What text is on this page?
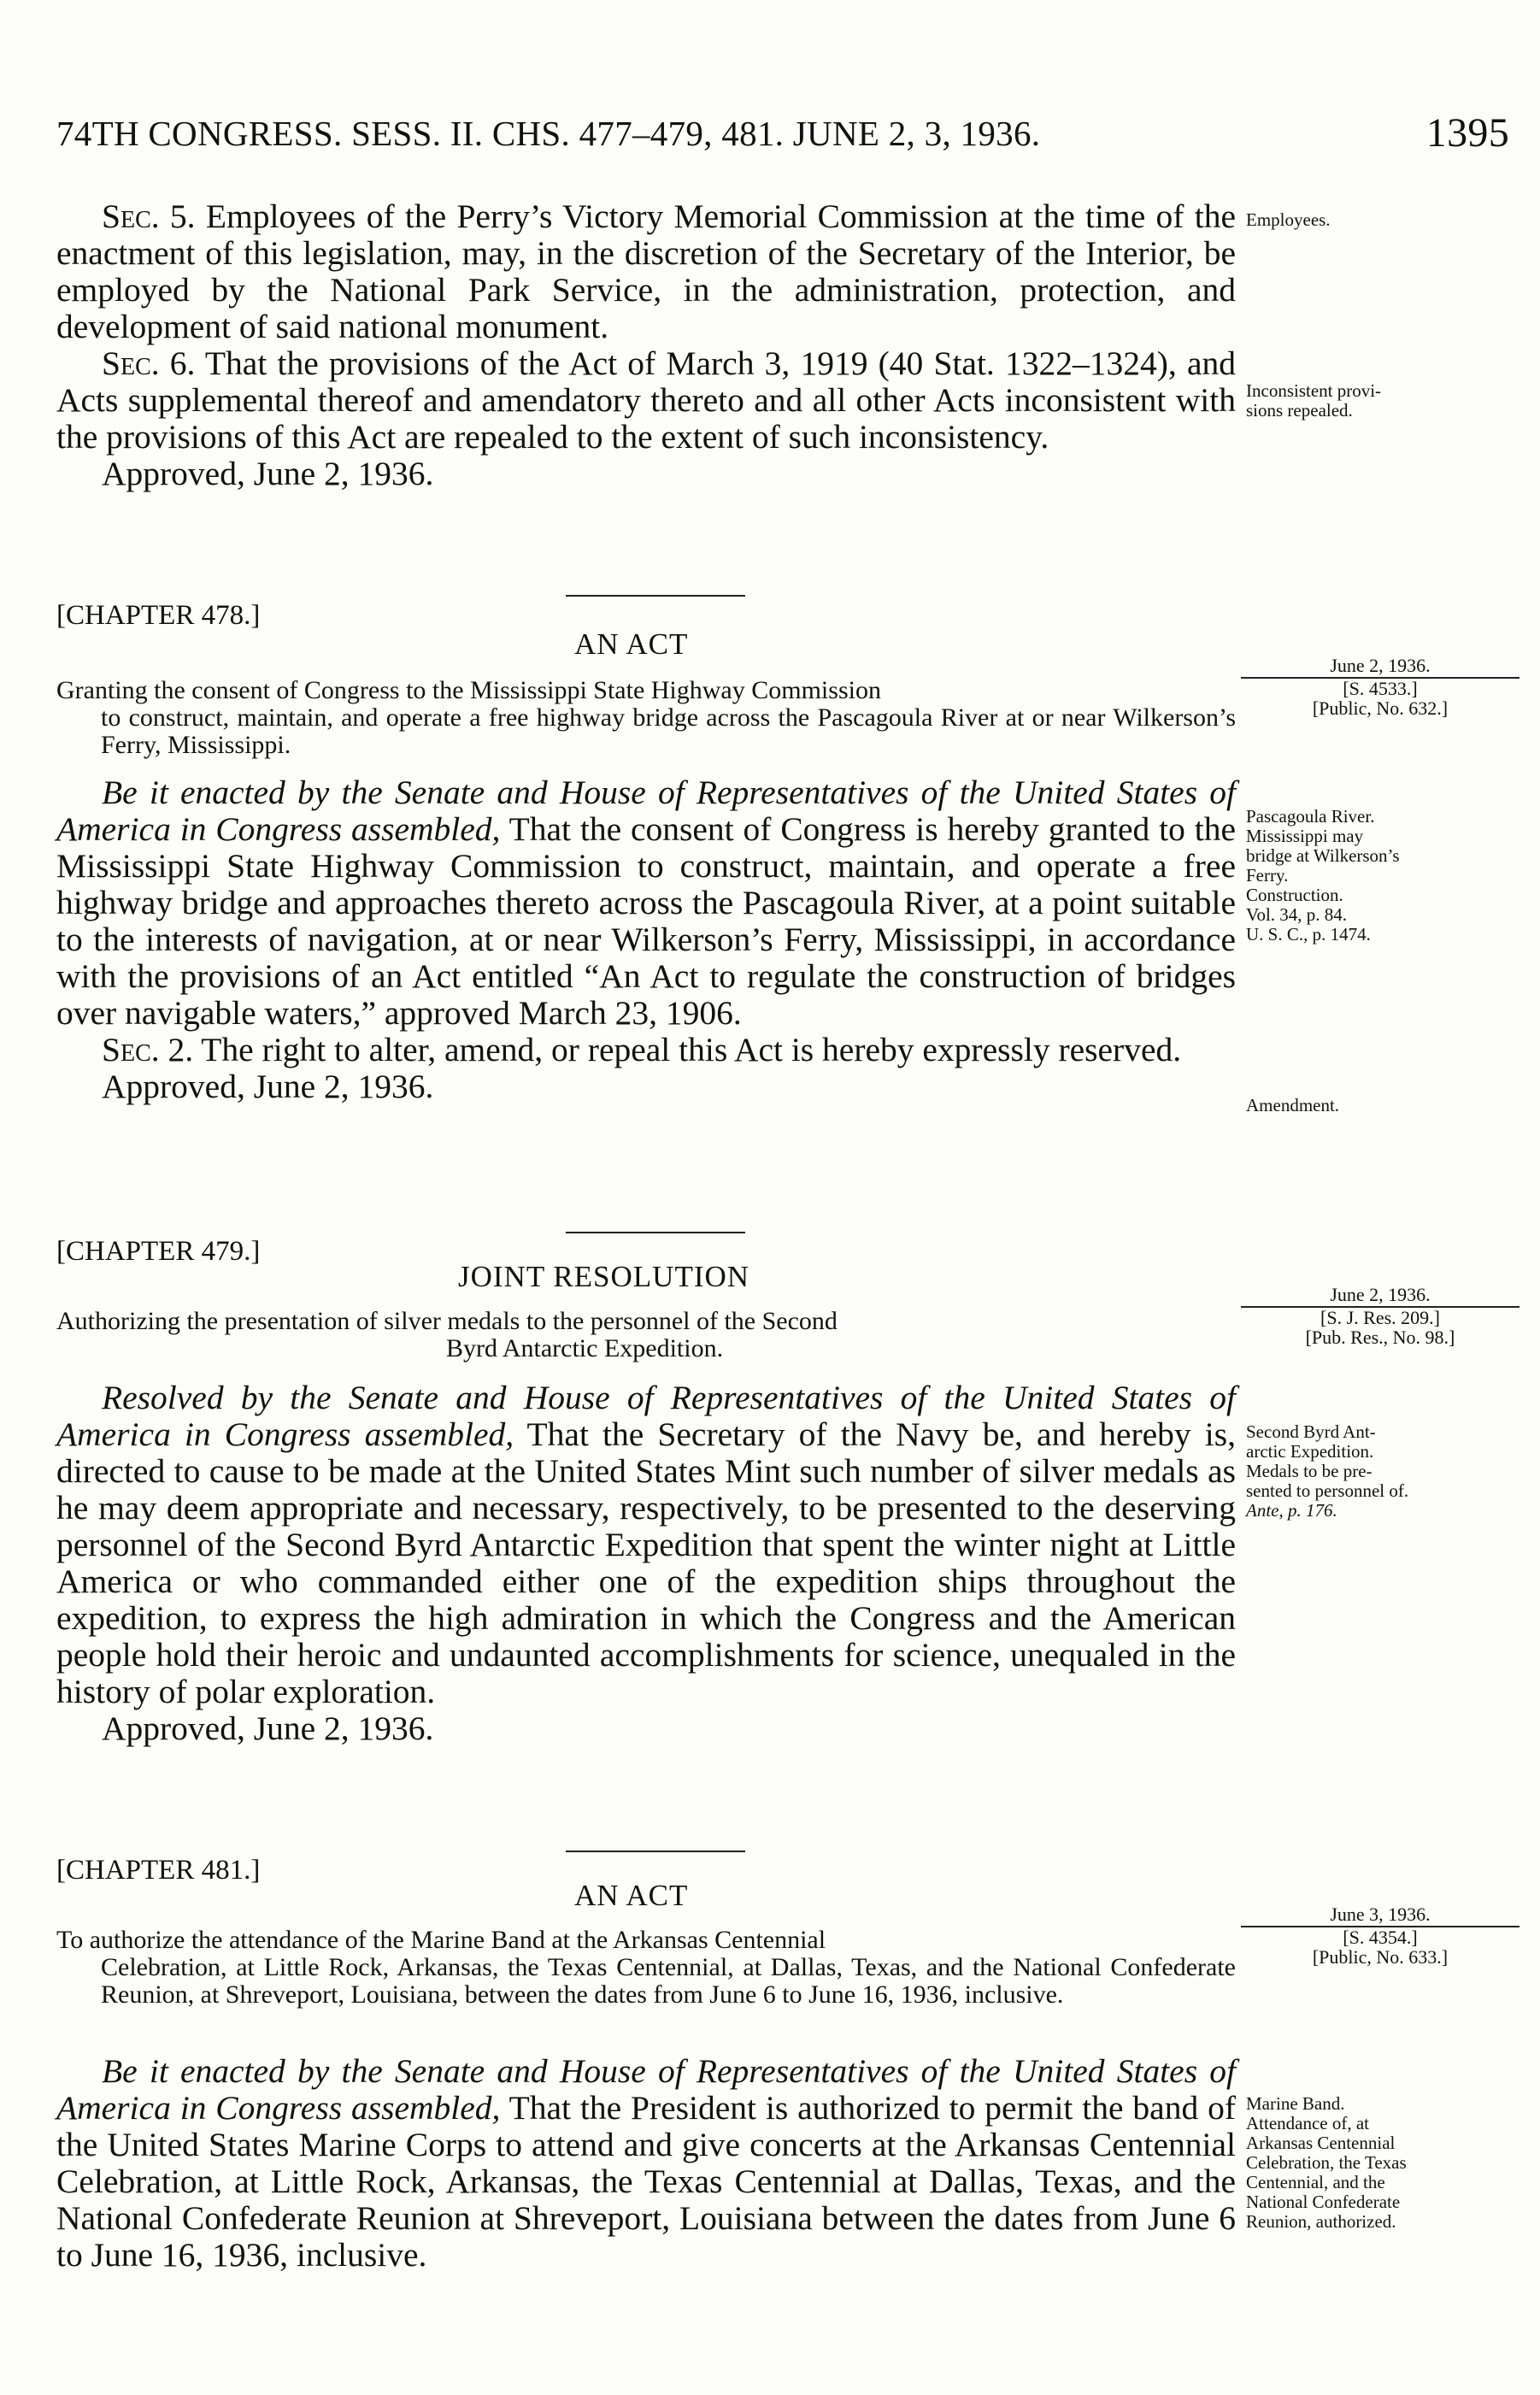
74TH CONGRESS. SESS. II. CHS. 477–479, 481. JUNE 2, 3, 1936.	1395

Sec. 5. Employees of the Perry’s Victory Memorial Commission at the time of the enactment of this legislation, may, in the discretion of the Secretary of the Interior, be employed by the National Park Service, in the administration, protection, and development of said national monument.

Sec. 6. That the provisions of the Act of March 3, 1919 (40 Stat. 1322–1324), and Acts supplemental thereof and amendatory thereto and all other Acts inconsistent with the provisions of this Act are repealed to the extent of such inconsistency.

Approved, June 2, 1936.

Employees.
Inconsistent provi-
sions repealed.
[CHAPTER 478.]
AN ACT
June 2, 1936.
[S. 4533.]
[Public, No. 632.]
Granting the consent of Congress to the Mississippi State Highway Commission
to construct, maintain, and operate a free highway bridge across the Pascagoula River at or near Wilkerson’s Ferry, Mississippi.

Be it enacted by the Senate and House of Representatives of the United States of America in Congress assembled, That the consent of Congress is hereby granted to the Mississippi State Highway Commission to construct, maintain, and operate a free highway bridge and approaches thereto across the Pascagoula River, at a point suitable to the interests of navigation, at or near Wilkerson’s Ferry, Mississippi, in accordance with the provisions of an Act entitled “An Act to regulate the construction of bridges over navigable waters,” approved March 23, 1906.

Sec. 2. The right to alter, amend, or repeal this Act is hereby expressly reserved.

Approved, June 2, 1936.

Pascagoula River.
Mississippi may
bridge at Wilkerson’s
Ferry.
Construction.
Vol. 34, p. 84.
U. S. C., p. 1474.
Amendment.
[CHAPTER 479.]
JOINT RESOLUTION
June 2, 1936.
[S. J. Res. 209.]
[Pub. Res., No. 98.]
Authorizing the presentation of silver medals to the personnel of the Second
Byrd Antarctic Expedition.

Resolved by the Senate and House of Representatives of the United States of America in Congress assembled, That the Secretary of the Navy be, and hereby is, directed to cause to be made at the United States Mint such number of silver medals as he may deem appropriate and necessary, respectively, to be presented to the deserving personnel of the Second Byrd Antarctic Expedition that spent the winter night at Little America or who commanded either one of the expedition ships throughout the expedition, to express the high admiration in which the Congress and the American people hold their heroic and undaunted accomplishments for science, unequaled in the history of polar exploration.

Approved, June 2, 1936.

Second Byrd Ant-
arctic Expedition.
Medals to be pre-
sented to personnel of.
Ante, p. 176.
[CHAPTER 481.]
AN ACT
June 3, 1936.
[S. 4354.]
[Public, No. 633.]
To authorize the attendance of the Marine Band at the Arkansas Centennial
Celebration, at Little Rock, Arkansas, the Texas Centennial, at Dallas, Texas, and the National Confederate Reunion, at Shreveport, Louisiana, between the dates from June 6 to June 16, 1936, inclusive.

Be it enacted by the Senate and House of Representatives of the United States of America in Congress assembled, That the President is authorized to permit the band of the United States Marine Corps to attend and give concerts at the Arkansas Centennial Celebration, at Little Rock, Arkansas, the Texas Centennial at Dallas, Texas, and the National Confederate Reunion at Shreveport, Louisiana between the dates from June 6 to June 16, 1936, inclusive.

Marine Band.
Attendance of, at
Arkansas Centennial
Celebration, the Texas
Centennial, and the
National Confederate
Reunion, authorized.
